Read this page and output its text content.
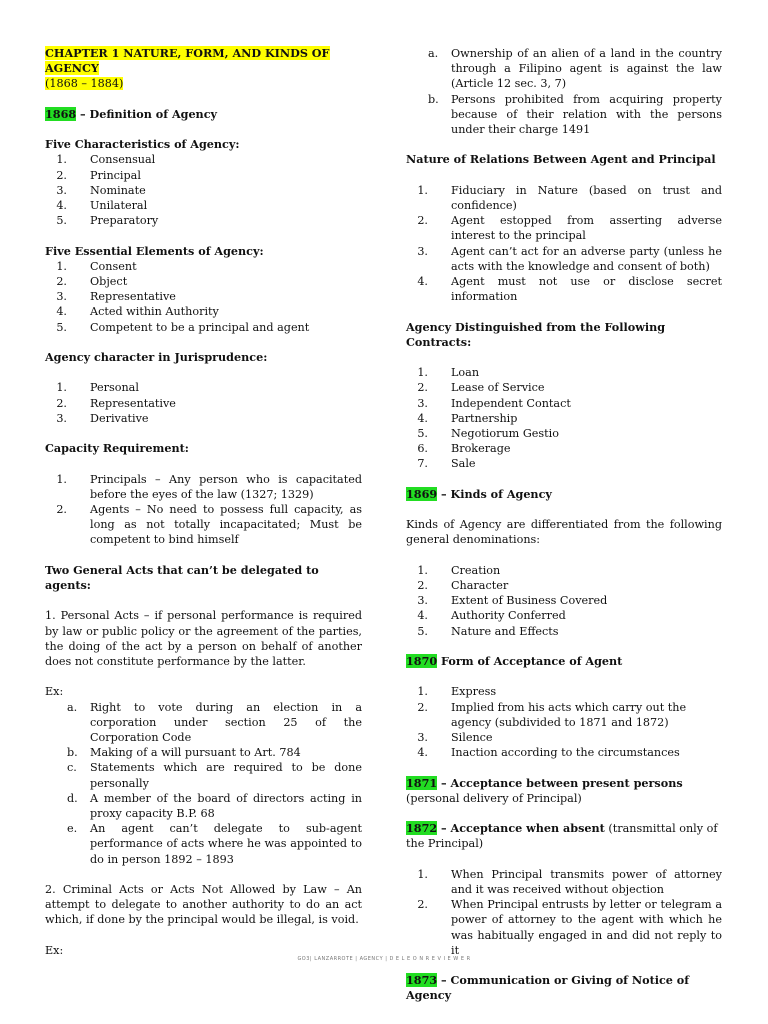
CHAPTER 1 NATURE, FORM, AND KINDS OF AGENCY
(1868 – 1884)
1868 – Definition of Agency
Five Characteristics of Agency:
1.	Consensual
2.	Principal
3.	Nominate
4.	Unilateral
5.	Preparatory
Five Essential Elements of Agency:
1.	Consent
2.	Object
3.	Representative
4.	Acted within Authority
5.	Competent to be a principal and agent
Agency character in Jurisprudence:
1.	Personal
2.	Representative
3.	Derivative
Capacity Requirement:
1.	Principals – Any person who is capacitated before the eyes of the law (1327; 1329)
2.	Agents – No need to possess full capacity, as long as not totally incapacitated; Must be competent to bind himself
Two General Acts that can’t be delegated to agents:

1. Personal Acts – if personal performance is required by law or public policy or the agreement of the parties, the doing of the act by a person on behalf of another does not constitute performance by the latter.

Ex:

a.	Right to vote during an election in a corporation under section 25 of the Corporation Code
b.	Making of a will pursuant to Art. 784
c.	Statements which are required to be done personally
d.	A member of the board of directors acting in proxy capacity B.P. 68
e.	An agent can’t delegate to sub-agent performance of acts where he was appointed to do in person 1892 – 1893

2. Criminal Acts or Acts Not Allowed by Law – An attempt to delegate to another authority to do an act which, if done by the principal would be illegal, is void.

Ex:

a.	Ownership of an alien of a land in the country through a Filipino agent is against the law (Article 12 sec. 3, 7)
b.	Persons prohibited from acquiring property because of their relation with the persons under their charge 1491
Nature of Relations Between Agent and Principal
1.	Fiduciary in Nature (based on trust and confidence)
2.	Agent estopped from asserting adverse interest to the principal
3.	Agent can’t act for an adverse party (unless he acts with the knowledge and consent of both)
4.	Agent must not use or disclose secret information
Agency Distinguished from the Following Contracts:
1.	Loan
2.	Lease of Service
3.	Independent Contact
4.	Partnership
5.	Negotiorum Gestio
6.	Brokerage
7.	Sale
1869 – Kinds of Agency

Kinds of Agency are differentiated from the following general denominations:

1.	Creation
2.	Character
3.	Extent of Business Covered
4.	Authority Conferred
5.	Nature and Effects
1870 Form of Acceptance of Agent
1.	Express
2.	Implied from his acts which carry out the agency (subdivided to 1871 and 1872)
3.	Silence
4.	Inaction according to the circumstances

1871 – Acceptance between present persons (personal delivery of Principal)

1872 – Acceptance when absent (transmittal only of the Principal)

1.	When Principal transmits power of attorney and it was received without objection
2.	When Principal entrusts by letter or telegram a power of attorney to the agent with which he was habitually engaged in and did not reply to it
1873 – Communication or Giving of Notice of Agency
GO3| LANZARROTE | AGENCY | D E L E O N R E V I E W E R
